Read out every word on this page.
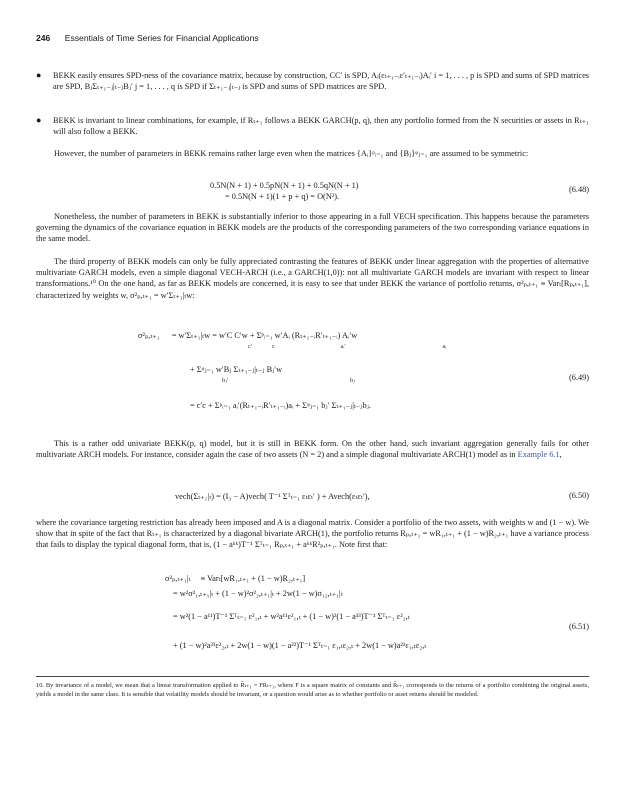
246 Essentials of Time Series for Financial Applications
● BEKK easily ensures SPD-ness of the covariance matrix, because by construction, CC′ is SPD, Aᵢ(εₜ₊₁₋ᵢε′ₜ₊₁₋ᵢ)Aᵢ′ i = 1, . . . , p is SPD and sums of SPD matrices are SPD, BⱼΣₜ₊₁₋ⱼ|ₜ₋ⱼBⱼ′ j = 1, . . . , q is SPD if Σₜ₊₁₋ⱼ|ₜ₋ⱼ is SPD and sums of SPD matrices are SPD.
● BEKK is invariant to linear combinations, for example, if Rₜ₊₁ follows a BEKK GARCH(p, q), then any portfolio formed from the N securities or assets in Rₜ₊₁ will also follow a BEKK.
However, the number of parameters in BEKK remains rather large even when the matrices {Aᵢ}ᵖᵢ₌₁ and {Bⱼ}ᵠⱼ₌₁ are assumed to be symmetric:
0.5N(N + 1) + 0.5pN(N + 1) + 0.5qN(N + 1)
= 0.5N(N + 1)(1 + p + q) = O(N²).
(6.48)
Nonetheless, the number of parameters in BEKK is substantially inferior to those appearing in a full VECH specification. This happens because the parameters governing the dynamics of the covariance equation in BEKK models are the products of the corresponding parameters of the two corresponding variance equations in the same model.
The third property of BEKK models can only be fully appreciated contrasting the features of BEKK under linear aggregation with the properties of alternative multivariate GARCH models, even a simple diagonal VECH-ARCH (i.e., a GARCH(1,0)): not all multivariate GARCH models are invariant with respect to linear transformations.¹⁰ On the one hand, as far as BEKK models are concerned, it is easy to see that under BEKK the variance of portfolio returns, σ²ₚ,ₜ₊₁ ≡ Varₜ[Rₚ,ₜ₊₁], characterized by weights w, σ²ₚ,ₜ₊₁ = w′Σₜ₊₁|ₜw:
σ²ₚ,ₜ₊₁ = w′Σₜ₊₁|ₜw = w′C C′w + Σᵖᵢ₌₁ w′Aᵢ (Rₜ₊₁₋ᵢR′ₜ₊₁₋ᵢ) Aᵢ′w
c′	c	aᵢ′	aᵢ
+ Σᵠⱼ₌₁ w′Bⱼ Σₜ₊₁₋ⱼ|ₜ₋ⱼ Bⱼ′w
bⱼ′	bⱼ
= c′c + Σᵖᵢ₌₁ aᵢ′(Rₜ₊₁₋ᵢR′ₜ₊₁₋ᵢ)aᵢ + Σᵠⱼ₌₁ bⱼ′ Σₜ₊₁₋ⱼ|ₜ₋ⱼbⱼ.
(6.49)
This is a rather odd univariate BEKK(p, q) model, but it is still in BEKK form. On the other hand, such invariant aggregation generally fails for other multivariate ARCH models. For instance, consider again the case of two assets (N = 2) and a simple diagonal multivariate ARCH(1) model as in Example 6.1,
vech(Σₜ₊₁|ₜ) = (I₃ − A)vech( T⁻¹ Σᵀₜ₌₁ εₜεₜ′ ) + Avech(εₜεₜ′),	(6.50)
where the covariance targeting restriction has already been imposed and A is a diagonal matrix. Consider a portfolio of the two assets, with weights w and (1 − w). We show that in spite of the fact that Rₜ₊₁ is characterized by a diagonal bivariate ARCH(1), the portfolio returns Rₚ,ₜ₊₁ = wR₁,ₜ₊₁ + (1 − w)R₂,ₜ₊₁ have a variance process that fails to display the typical diagonal form, that is, (1 − aᵏᵏ)T⁻¹ Σᵀₜ₌₁ Rₚ,ₜ₊₁ + aᵏᵏR²ₚ,ₜ₊₁. Note first that:
σ²ₚ,ₜ₊₁|ₜ ≡ Varₜ[wR₁,ₜ₊₁ + (1 − w)R₂,ₜ₊₁]
= w²σ²₁,ₜ₊₁|ₜ + (1 − w)²σ²₂,ₜ₊₁|ₜ + 2w(1 − w)σ₁₂,ₜ₊₁|ₜ
= w²(1 − a¹¹)T⁻¹ Σᵀₜ₌₁ ε²₁,ₜ + w²a¹¹ε²₁,ₜ + (1 − w)²(1 − a³³)T⁻¹ Σᵀₜ₌₁ ε²₂,ₜ
+ (1 − w)²a³³ε²₂,ₜ + 2w(1 − w)(1 − a²²)T⁻¹ Σᵀₜ₌₁ ε₁,ₜε₂,ₜ + 2w(1 − w)a²²ε₁,ₜε₂,ₜ
(6.51)
10. By invariance of a model, we mean that a linear transformation applied to R̃ₜ₊₁ = FRₜ₊₁, where F is a square matrix of constants and R̃ₜ₊₁ corresponds to the returns of a portfolio combining the original assets, yields a model in the same class. It is sensible that volatility models should be invariant, or a question would arise as to whether portfolio or asset returns should be modeled.
